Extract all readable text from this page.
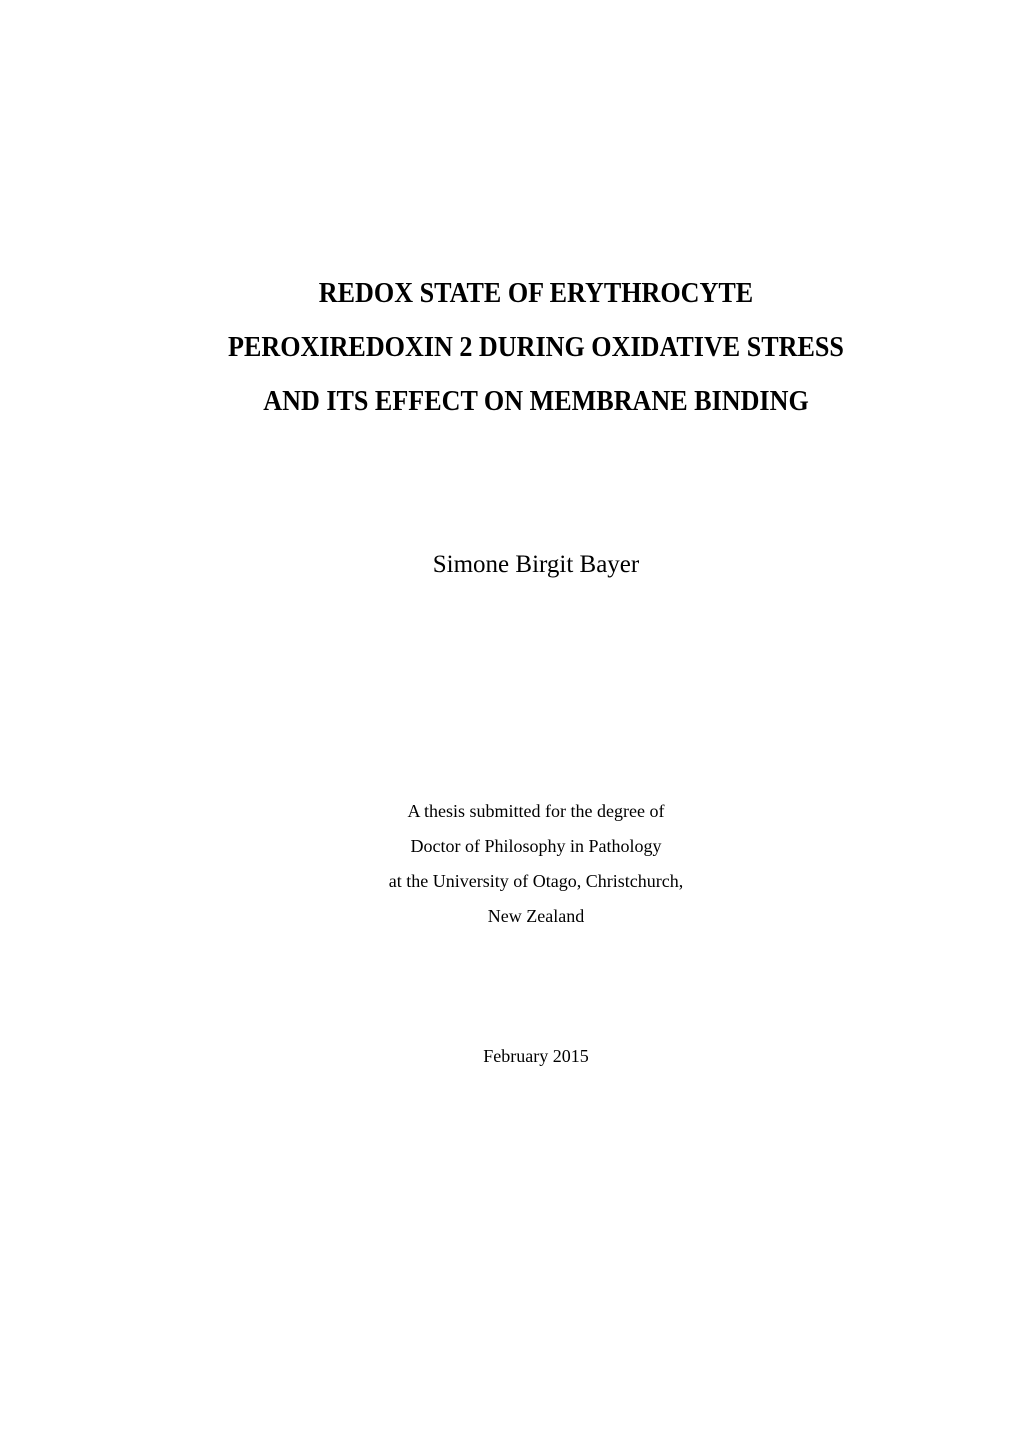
REDOX STATE OF ERYTHROCYTE
PEROXIREDOXIN 2 DURING OXIDATIVE STRESS
AND ITS EFFECT ON MEMBRANE BINDING
Simone Birgit Bayer
A thesis submitted for the degree of
Doctor of Philosophy in Pathology
at the University of Otago, Christchurch,
New Zealand
February 2015
